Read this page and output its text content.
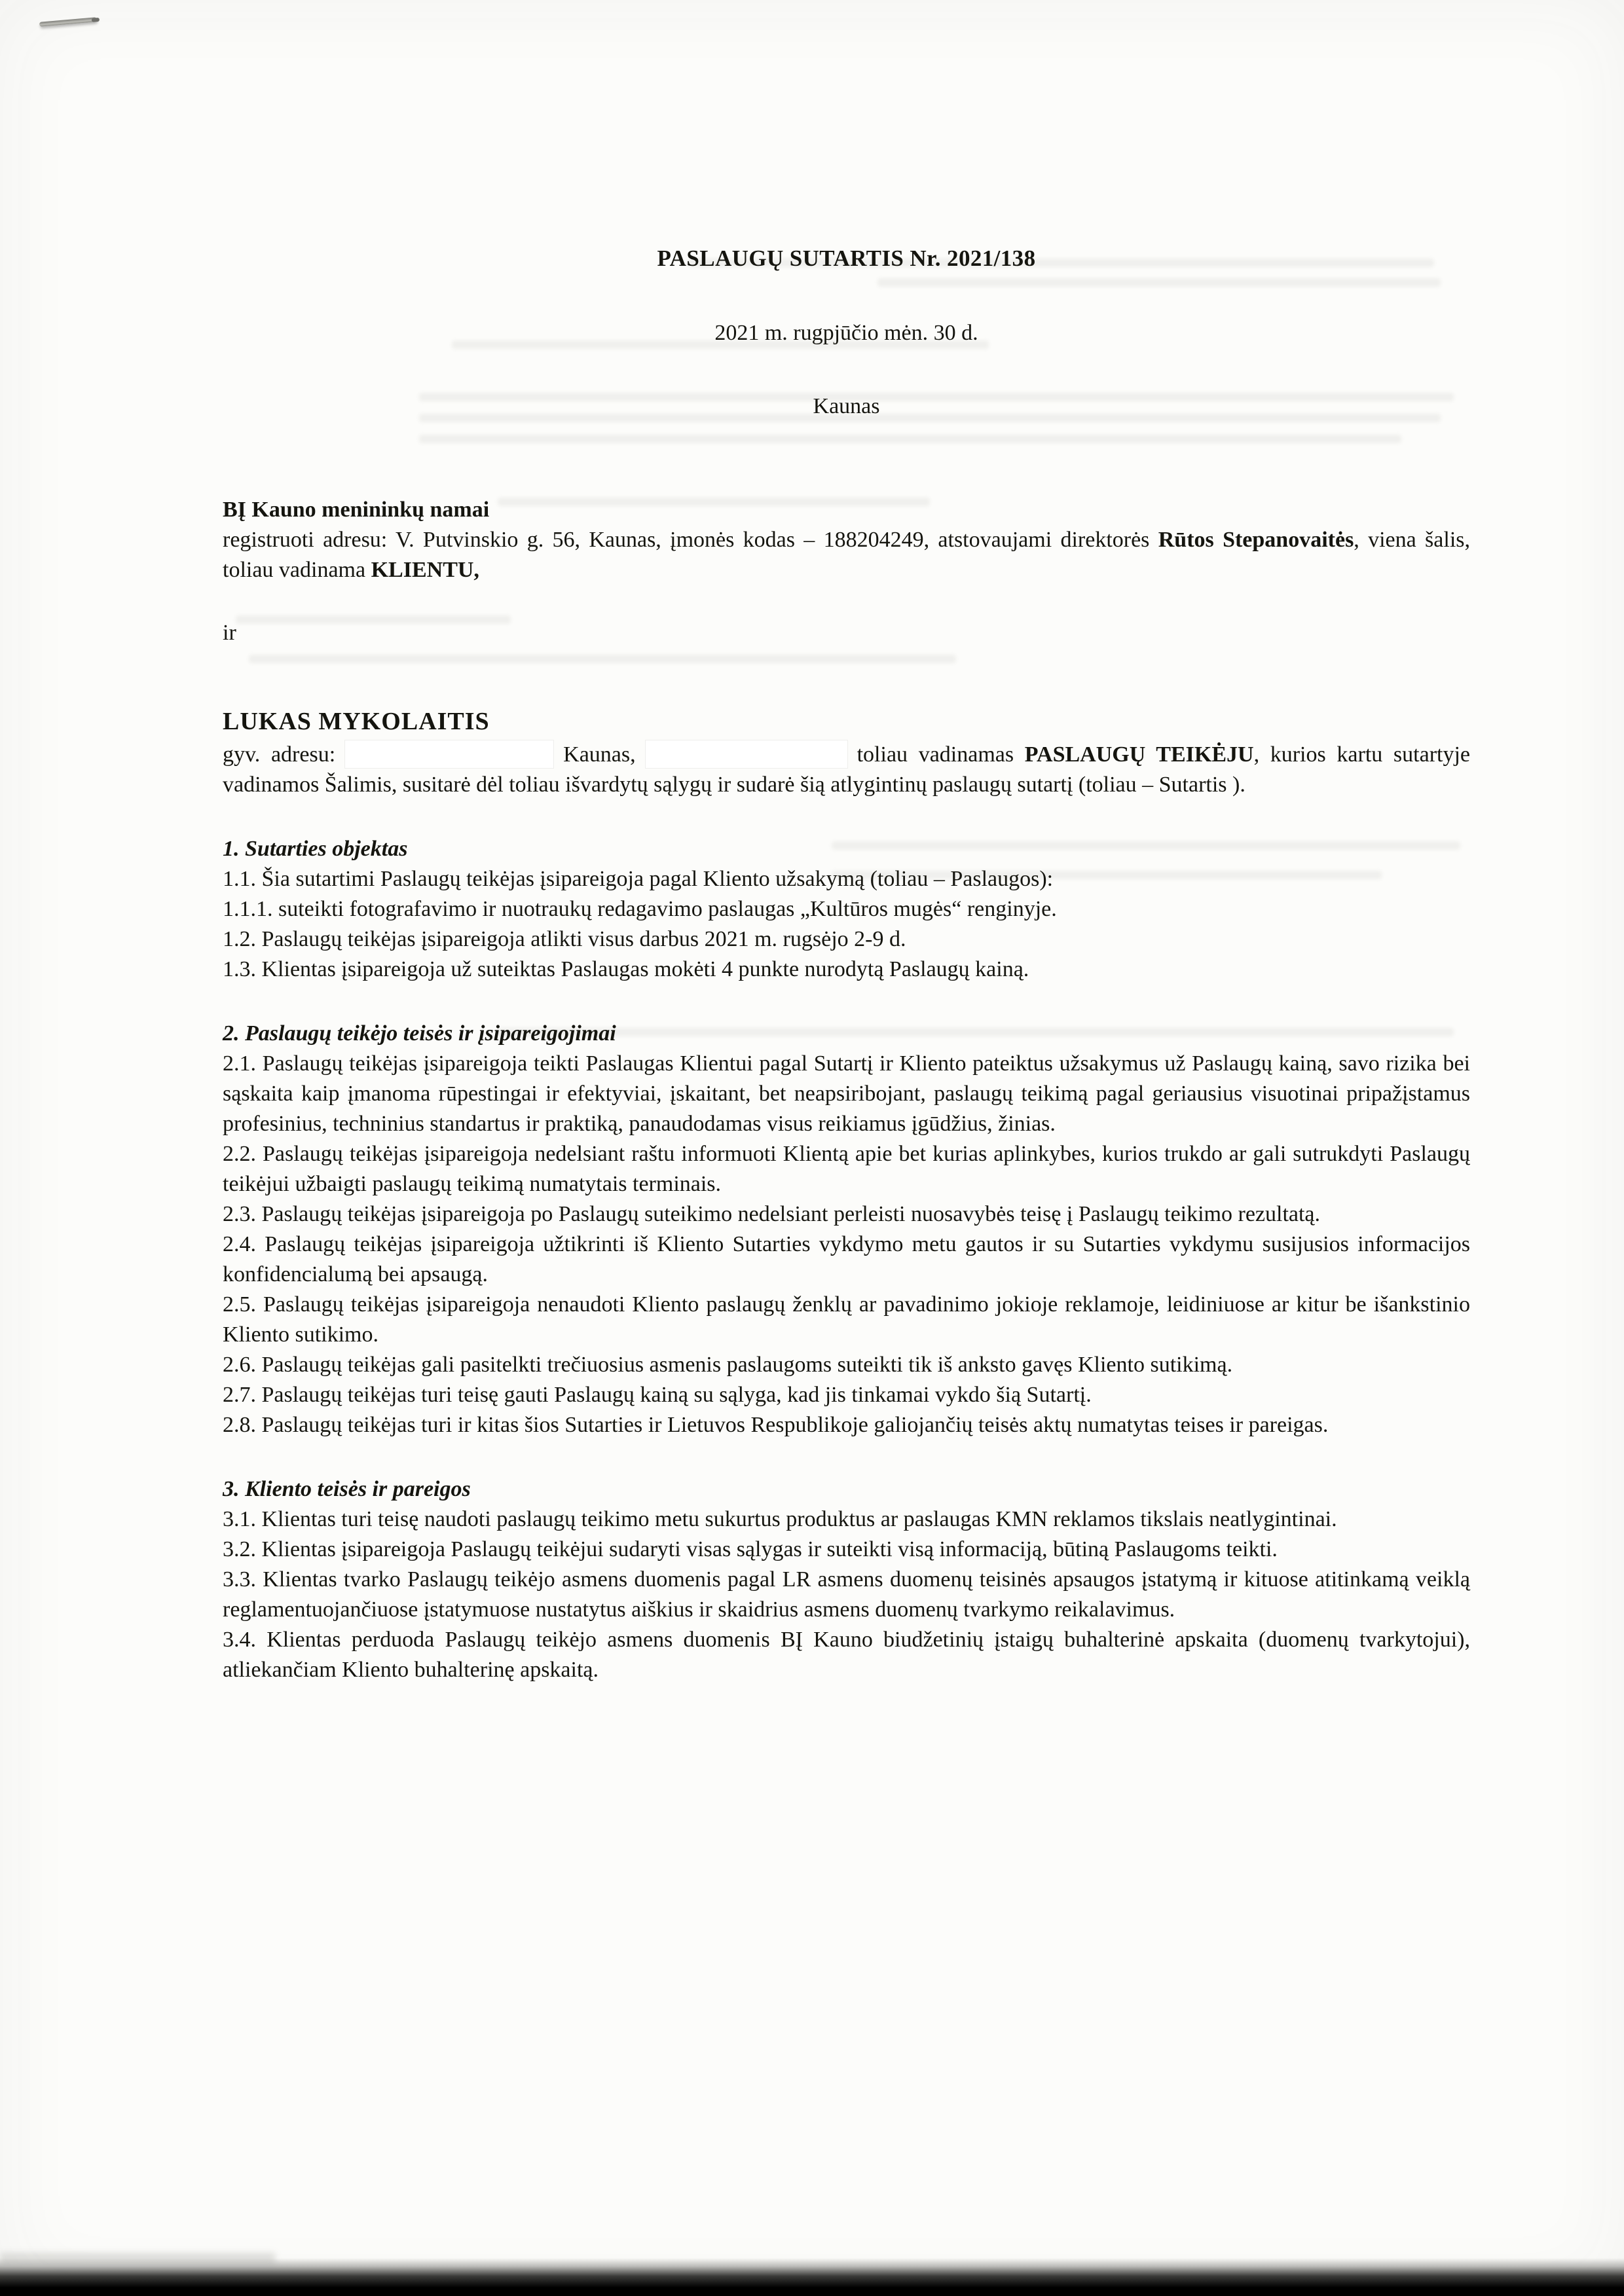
PASLAUGŲ SUTARTIS Nr. 2021/138
2021 m. rugpjūčio mėn. 30 d.
Kaunas

BĮ Kauno menininkų namai
registruoti adresu: V. Putvinskio g. 56, Kaunas, įmonės kodas – 188204249, atstovaujami direktorės Rūtos Stepanovaitės, viena šalis, toliau vadinama KLIENTU,

ir

LUKAS MYKOLAITIS

gyv. adresu:	Kaunas,	toliau vadinamas PASLAUGŲ TEIKĖJU, kurios kartu sutartyje vadinamos Šalimis, susitarė dėl toliau išvardytų sąlygų ir sudarė šią atlygintinų paslaugų sutartį (toliau – Sutartis ).

1. Sutarties objektas

1.1. Šia sutartimi Paslaugų teikėjas įsipareigoja pagal Kliento užsakymą (toliau – Paslaugos):

1.1.1. suteikti fotografavimo ir nuotraukų redagavimo paslaugas „Kultūros mugės“ renginyje.

1.2. Paslaugų teikėjas įsipareigoja atlikti visus darbus 2021 m. rugsėjo 2-9 d.

1.3. Klientas įsipareigoja už suteiktas Paslaugas mokėti 4 punkte nurodytą Paslaugų kainą.

2. Paslaugų teikėjo teisės ir įsipareigojimai

2.1. Paslaugų teikėjas įsipareigoja teikti Paslaugas Klientui pagal Sutartį ir Kliento pateiktus užsakymus už Paslaugų kainą, savo rizika bei sąskaita kaip įmanoma rūpestingai ir efektyviai, įskaitant, bet neapsiribojant, paslaugų teikimą pagal geriausius visuotinai pripažįstamus profesinius, techninius standartus ir praktiką, panaudodamas visus reikiamus įgūdžius, žinias.

2.2. Paslaugų teikėjas įsipareigoja nedelsiant raštu informuoti Klientą apie bet kurias aplinkybes, kurios trukdo ar gali sutrukdyti Paslaugų teikėjui užbaigti paslaugų teikimą numatytais terminais.

2.3. Paslaugų teikėjas įsipareigoja po Paslaugų suteikimo nedelsiant perleisti nuosavybės teisę į Paslaugų teikimo rezultatą.

2.4. Paslaugų teikėjas įsipareigoja užtikrinti iš Kliento Sutarties vykdymo metu gautos ir su Sutarties vykdymu susijusios informacijos konfidencialumą bei apsaugą.

2.5. Paslaugų teikėjas įsipareigoja nenaudoti Kliento paslaugų ženklų ar pavadinimo jokioje reklamoje, leidiniuose ar kitur be išankstinio Kliento sutikimo.

2.6. Paslaugų teikėjas gali pasitelkti trečiuosius asmenis paslaugoms suteikti tik iš anksto gavęs Kliento sutikimą.

2.7. Paslaugų teikėjas turi teisę gauti Paslaugų kainą su sąlyga, kad jis tinkamai vykdo šią Sutartį.

2.8. Paslaugų teikėjas turi ir kitas šios Sutarties ir Lietuvos Respublikoje galiojančių teisės aktų numatytas teises ir pareigas.

3. Kliento teisės ir pareigos

3.1. Klientas turi teisę naudoti paslaugų teikimo metu sukurtus produktus ar paslaugas KMN reklamos tikslais neatlygintinai.

3.2. Klientas įsipareigoja Paslaugų teikėjui sudaryti visas sąlygas ir suteikti visą informaciją, būtiną Paslaugoms teikti.

3.3. Klientas tvarko Paslaugų teikėjo asmens duomenis pagal LR asmens duomenų teisinės apsaugos įstatymą ir kituose atitinkamą veiklą reglamentuojančiuose įstatymuose nustatytus aiškius ir skaidrius asmens duomenų tvarkymo reikalavimus.

3.4. Klientas perduoda Paslaugų teikėjo asmens duomenis BĮ Kauno biudžetinių įstaigų buhalterinė apskaita (duomenų tvarkytojui), atliekančiam Kliento buhalterinę apskaitą.
